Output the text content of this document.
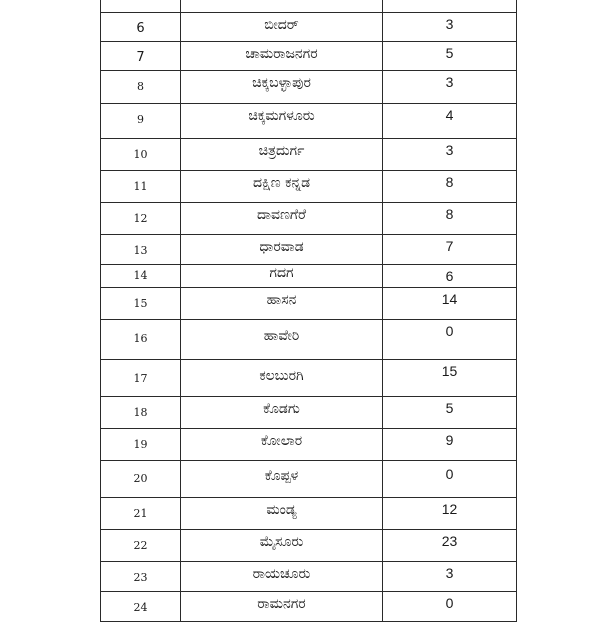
6	ಬೀದರ್	3
7	ಚಾಮರಾಜನಗರ	5
8	ಚಿಕ್ಕಬಳ್ಳಾಪುರ	3
9	ಚಿಕ್ಕಮಗಳೂರು	4
10	ಚಿತ್ರದುರ್ಗ	3
11	ದಕ್ಷಿಣ ಕನ್ನಡ	8
12	ದಾವಣಗೆರೆ	8
13	ಧಾರವಾಡ	7
14	ಗದಗ	6
15	ಹಾಸನ	14
16	ಹಾವೇರಿ	0
17	ಕಲಬುರಗಿ	15
18	ಕೊಡಗು	5
19	ಕೋಲಾರ	9
20	ಕೊಪ್ಪಳ	0
21	ಮಂಡ್ಯ	12
22	ಮೈಸೂರು	23
23	ರಾಯಚೂರು	3
24	ರಾಮನಗರ	0
